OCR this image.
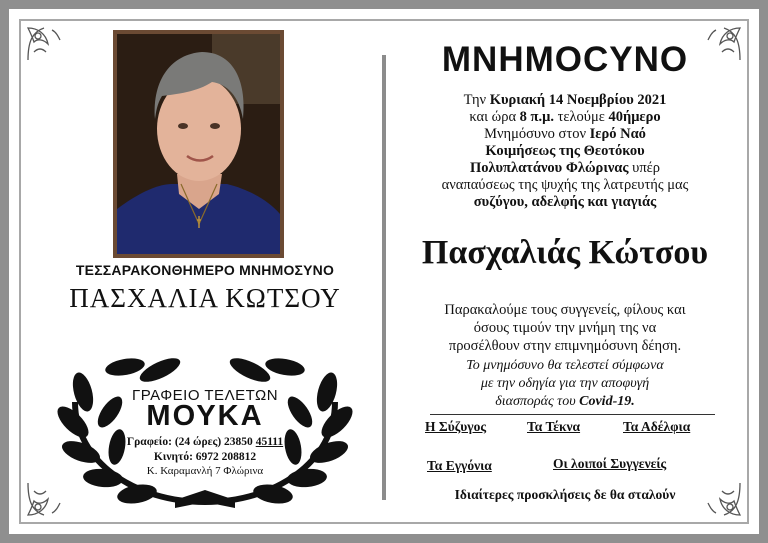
ΤΕΣΣΑΡΑΚΟΝΘΗΜΕΡΟ ΜΝΗΜΟΣΥΝΟ
ΠΑΣΧΑΛΙΑ ΚΩΤΣΟΥ
ΓΡΑΦΕΙΟ ΤΕΛΕΤΩΝ
ΜΟΥΚΑ
Γραφείο: (24 ώρες) 23850 45111
Κινητό: 6972 208812
Κ. Καραμανλή 7 Φλώρινα
ΜΝΗΜΟCΥΝΟ
Την Κυριακή 14 Νοεμβρίου 2021
και ώρα 8 π.μ. τελούμε 40ήμερο
Μνημόσυνο στον Ιερό Ναό
Κοιμήσεως της Θεοτόκου
Πολυπλατάνου Φλώρινας υπέρ
αναπαύσεως της ψυχής της λατρευτής μας
συζύγου, αδελφής και γιαγιάς
Πασχαλιάς Κώτσου
Παρακαλούμε τους συγγενείς, φίλους και
όσους τιμούν την μνήμη της να
προσέλθουν στην επιμνημόσυνη δέηση.
Το μνημόσυνο θα τελεστεί σύμφωνα
με την οδηγία για την αποφυγή
διασποράς του Covid-19.
Η Σύζυγος	Τα Τέκνα	Τα Αδέλφια
Τα Εγγόνια	Οι λοιποί Συγγενείς
Ιδιαίτερες προσκλήσεις δε θα σταλούν
